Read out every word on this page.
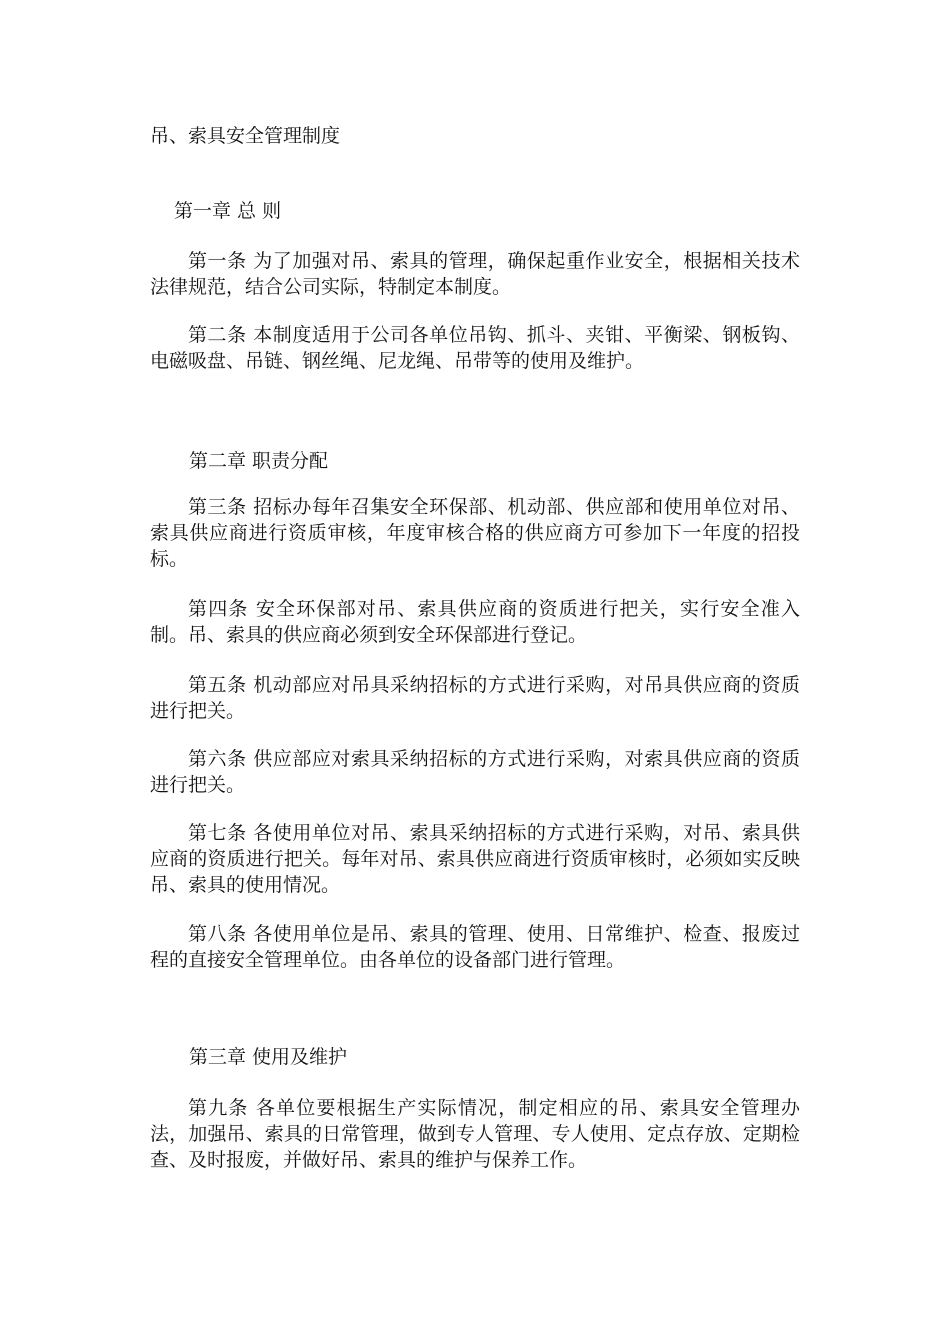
吊、索具安全管理制度
第一章 总 则

第一条 为了加强对吊、索具的管理，确保起重作业安全，根据相关技术法律规范，结合公司实际，特制定本制度。

第二条 本制度适用于公司各单位吊钩、抓斗、夹钳、平衡梁、钢板钩、电磁吸盘、吊链、钢丝绳、尼龙绳、吊带等的使用及维护。

第二章 职责分配

第三条 招标办每年召集安全环保部、机动部、供应部和使用单位对吊、索具供应商进行资质审核，年度审核合格的供应商方可参加下一年度的招投标。

第四条 安全环保部对吊、索具供应商的资质进行把关，实行安全准入制。吊、索具的供应商必须到安全环保部进行登记。

第五条 机动部应对吊具采纳招标的方式进行采购，对吊具供应商的资质进行把关。

第六条 供应部应对索具采纳招标的方式进行采购，对索具供应商的资质进行把关。

第七条 各使用单位对吊、索具采纳招标的方式进行采购，对吊、索具供应商的资质进行把关。每年对吊、索具供应商进行资质审核时，必须如实反映吊、索具的使用情况。

第八条 各使用单位是吊、索具的管理、使用、日常维护、检查、报废过程的直接安全管理单位。由各单位的设备部门进行管理。

第三章 使用及维护

第九条 各单位要根据生产实际情况，制定相应的吊、索具安全管理办法，加强吊、索具的日常管理，做到专人管理、专人使用、定点存放、定期检查、及时报废，并做好吊、索具的维护与保养工作。
